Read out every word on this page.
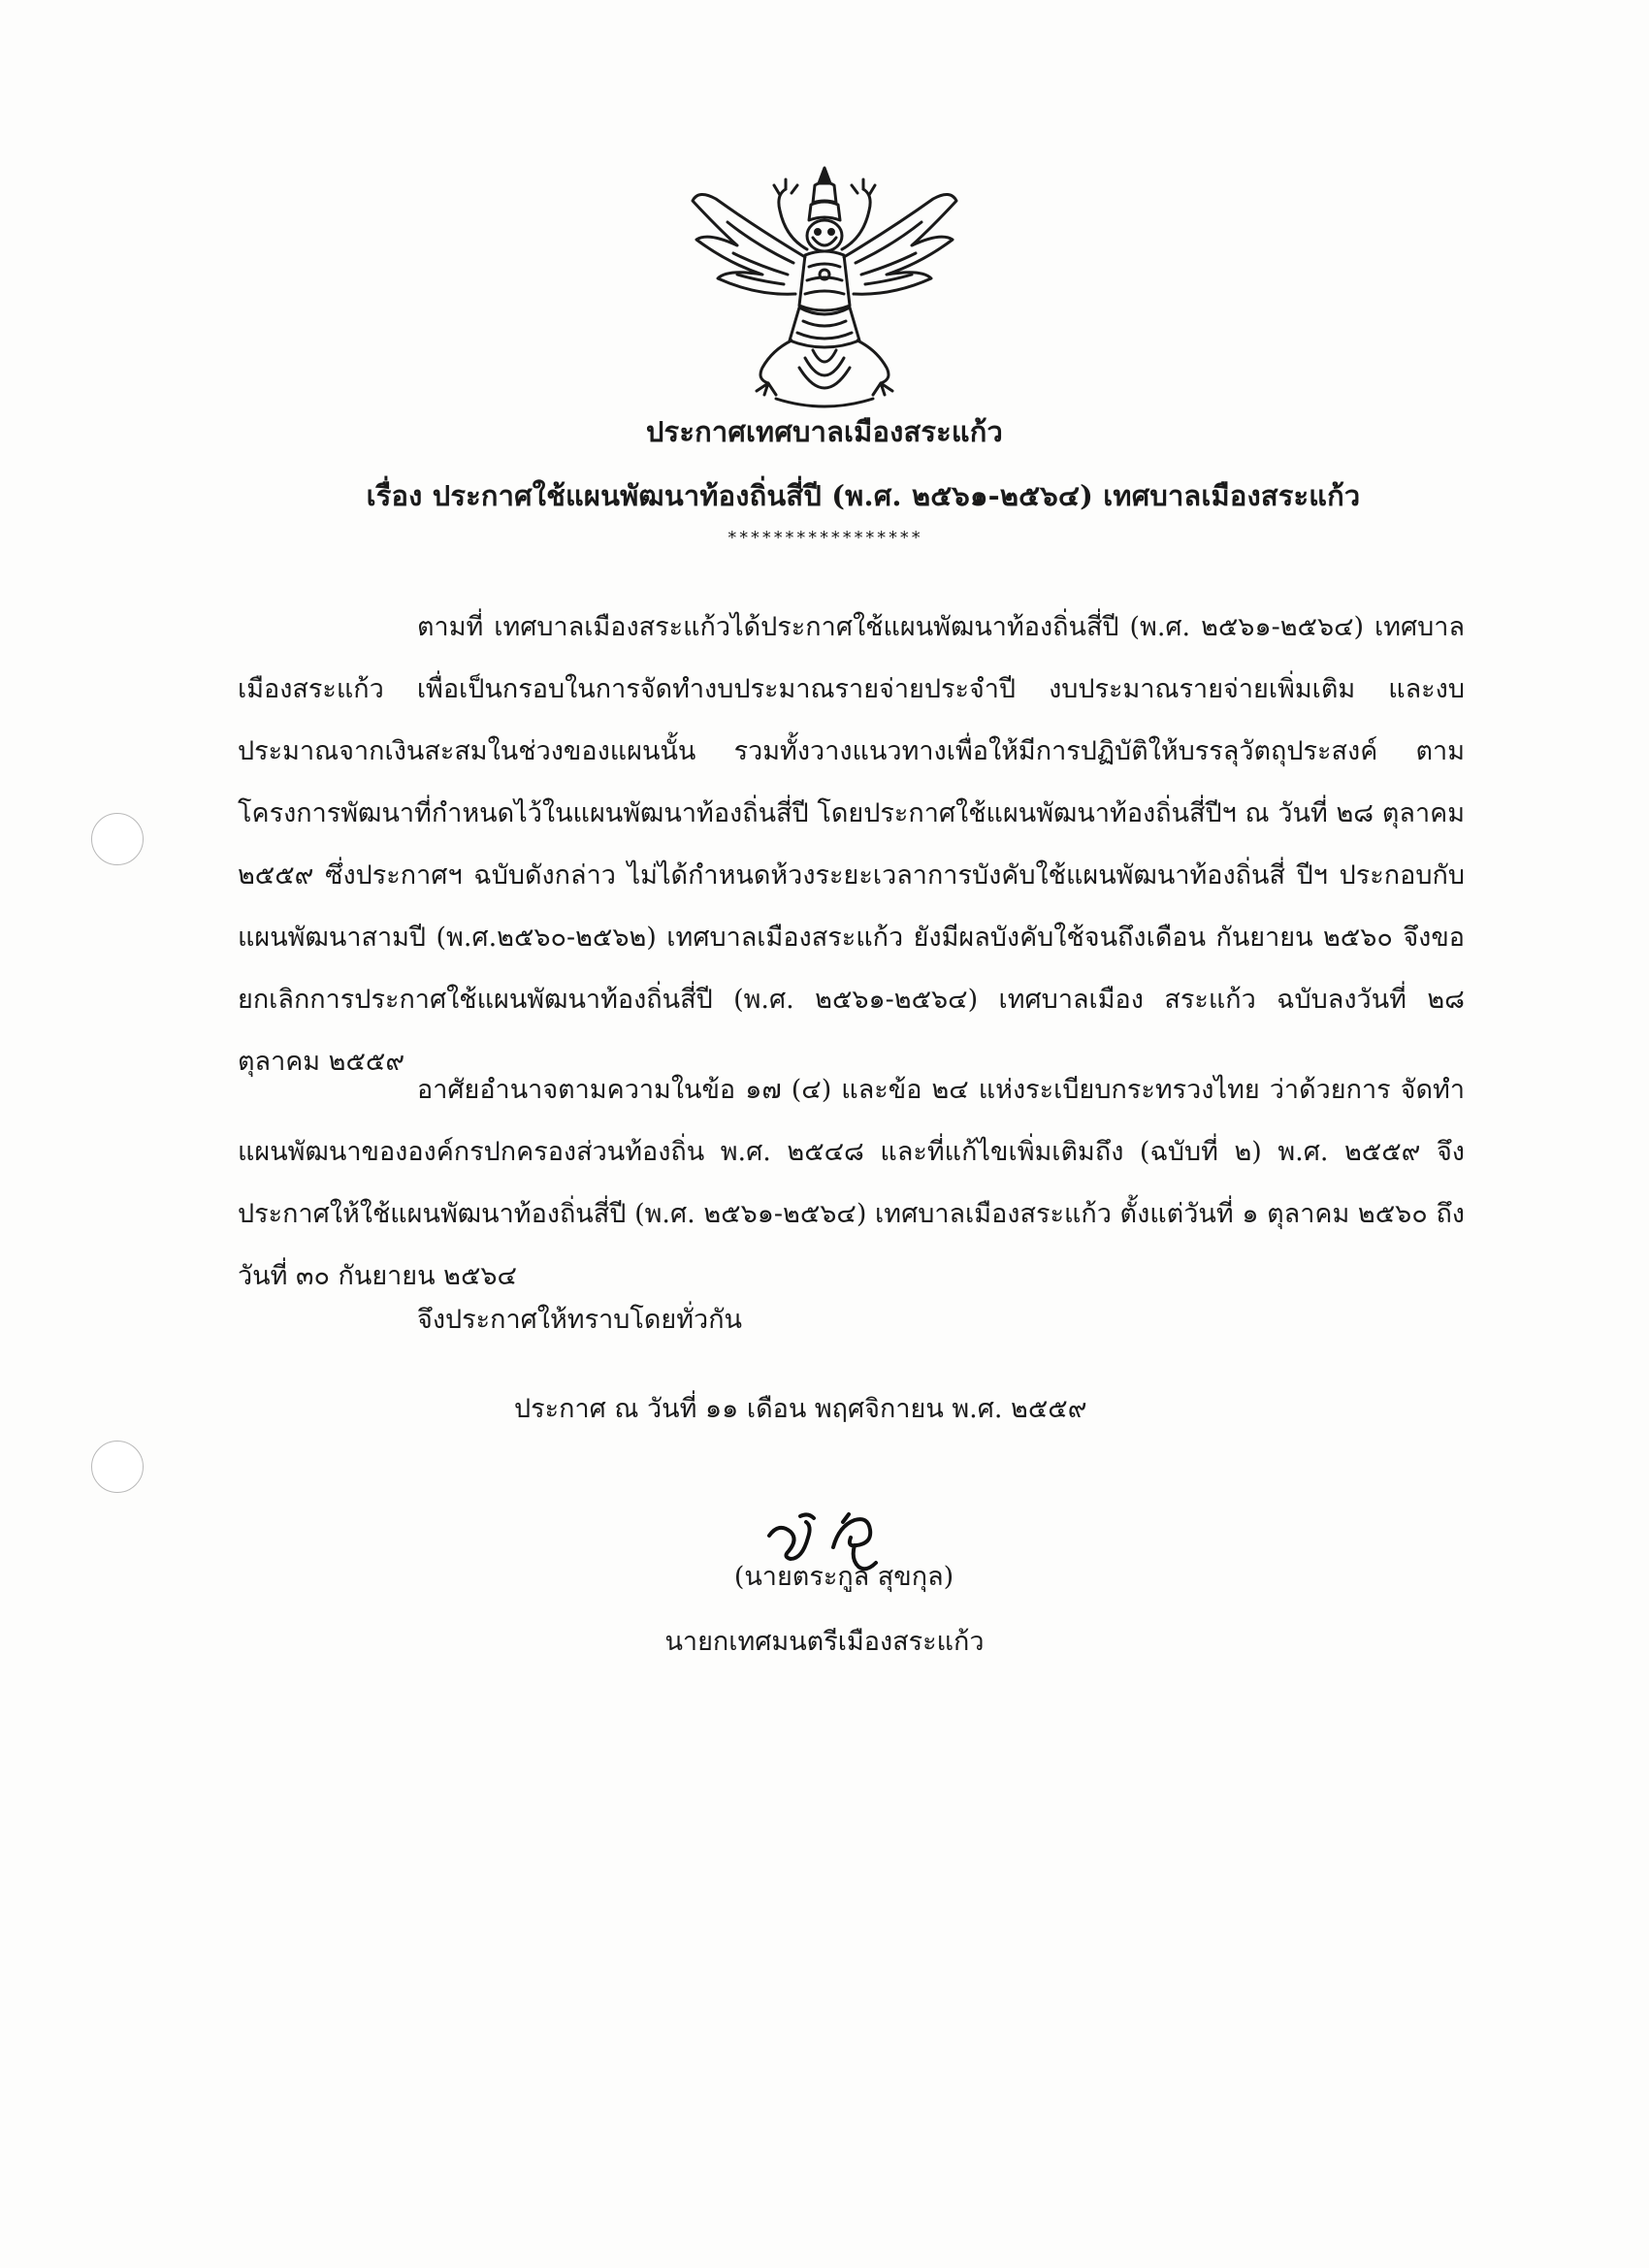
ประกาศเทศบาลเมืองสระแก้ว
เรื่อง ประกาศใช้แผนพัฒนาท้องถิ่นสี่ปี (พ.ศ. ๒๕๖๑-๒๕๖๔) เทศบาลเมืองสระแก้ว
*****************

ตามที่ เทศบาลเมืองสระแก้วได้ประกาศใช้แผนพัฒนาท้องถิ่นสี่ปี (พ.ศ. ๒๕๖๑-๒๕๖๔) เทศบาลเมืองสระแก้ว เพื่อเป็นกรอบในการจัดทำงบประมาณรายจ่ายประจำปี งบประมาณรายจ่ายเพิ่มเติม และงบประมาณจากเงินสะสมในช่วงของแผนนั้น รวมทั้งวางแนวทางเพื่อให้มีการปฏิบัติให้บรรลุวัตถุประสงค์ ตามโครงการพัฒนาที่กำหนดไว้ในแผนพัฒนาท้องถิ่นสี่ปี โดยประกาศใช้แผนพัฒนาท้องถิ่นสี่ปีฯ ณ วันที่ ๒๘ ตุลาคม ๒๕๕๙ ซึ่งประกาศฯ ฉบับดังกล่าว ไม่ได้กำหนดห้วงระยะเวลาการบังคับใช้แผนพัฒนาท้องถิ่นสี่ ปีฯ ประกอบกับแผนพัฒนาสามปี (พ.ศ.๒๕๖๐-๒๕๖๒) เทศบาลเมืองสระแก้ว ยังมีผลบังคับใช้จนถึงเดือน กันยายน ๒๕๖๐ จึงขอยกเลิกการประกาศใช้แผนพัฒนาท้องถิ่นสี่ปี (พ.ศ. ๒๕๖๑-๒๕๖๔) เทศบาลเมือง สระแก้ว ฉบับลงวันที่ ๒๘ ตุลาคม ๒๕๕๙

อาศัยอำนาจตามความในข้อ ๑๗ (๔) และข้อ ๒๔ แห่งระเบียบกระทรวงไทย ว่าด้วยการ จัดทำแผนพัฒนาขององค์กรปกครองส่วนท้องถิ่น พ.ศ. ๒๕๔๘ และที่แก้ไขเพิ่มเติมถึง (ฉบับที่ ๒) พ.ศ. ๒๕๕๙ จึงประกาศให้ใช้แผนพัฒนาท้องถิ่นสี่ปี (พ.ศ. ๒๕๖๑-๒๕๖๔) เทศบาลเมืองสระแก้ว ตั้งแต่วันที่ ๑ ตุลาคม ๒๕๖๐ ถึงวันที่ ๓๐ กันยายน ๒๕๖๔

จึงประกาศให้ทราบโดยทั่วกัน
ประกาศ ณ วันที่ ๑๑ เดือน พฤศจิกายน พ.ศ. ๒๕๕๙
(นายตระกูล สุขกุล)
นายกเทศมนตรีเมืองสระแก้ว
